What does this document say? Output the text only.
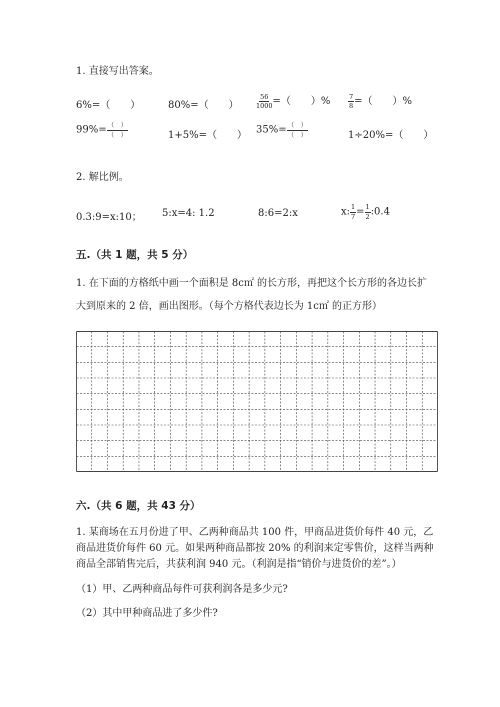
1. 直接写出答案。
6%=（　　）	80%=（　　）	$\frac{56}{1000}$ =（　　）%	$\frac{7}{8}$ =（　　）%
$99\%= \frac{( )}{( )}$	1+5%=（　　） $35\%= \frac{( )}{( )}$	1÷20%=（　　）
2. 解比例。
0.3:9=x:10； 5:x=4: 1.2	8:6=2:x	x: $\frac{1}{7} = \frac{1}{2}$ :0.4
五.（共 1 题，共 5 分）
1. 在下面的方格纸中画一个面积是 8c㎡ 的长方形，再把这个长方形的各边长扩
大到原来的 2 倍，画出图形。（每个方格代表边长为 1c㎡ 的正方形）
六.（共 6 题，共 43 分）
1. 某商场在五月份进了甲、乙两种商品共 100 件，甲商品进货价每件 40 元，乙
商品进货价每件 60 元。如果两种商品都按 20% 的利润来定零售价，这样当两种
商品全部销售完后，共获利润 940 元。（利润是指“销价与进货价的差”。）
（1）甲、乙两种商品每件可获利润各是多少元?
（2）其中甲种商品进了多少件?
